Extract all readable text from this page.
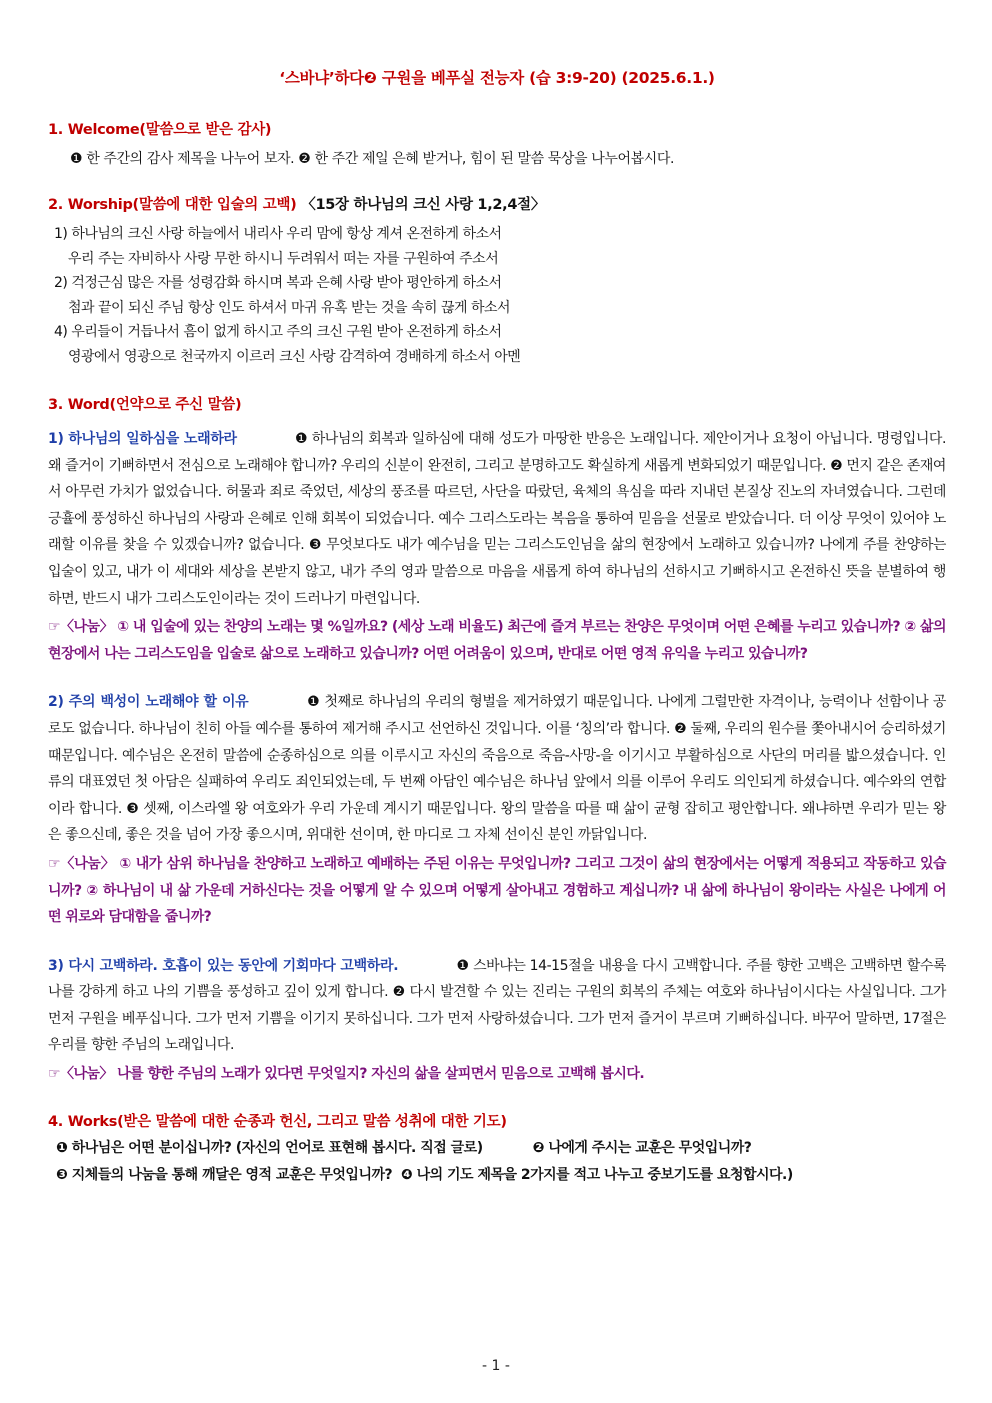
‘스바냐’하다❷ 구원을 베푸실 전능자 (습 3:9-20) (2025.6.1.)
1. Welcome(말씀으로 받은 감사)
❶ 한 주간의 감사 제목을 나누어 보자. ❷ 한 주간 제일 은혜 받거나, 힘이 된 말씀 묵상을 나누어봅시다.
2. Worship(말씀에 대한 입술의 고백) 〈15장 하나님의 크신 사랑 1,2,4절〉
1) 하나님의 크신 사랑 하늘에서 내리사 우리 맘에 항상 계셔 온전하게 하소서
우리 주는 자비하사 사랑 무한 하시니 두려워서 떠는 자를 구원하여 주소서
2) 걱정근심 많은 자를 성령감화 하시며 복과 은혜 사랑 받아 평안하게 하소서
첨과 끝이 되신 주님 항상 인도 하셔서 마귀 유혹 받는 것을 속히 끊게 하소서
4) 우리들이 거듭나서 흠이 없게 하시고 주의 크신 구원 받아 온전하게 하소서
영광에서 영광으로 천국까지 이르러 크신 사랑 감격하여 경배하게 하소서 아멘
3. Word(언약으로 주신 말씀)
1) 하나님의 일하심을 노래하라	❶ 하나님의 회복과 일하심에 대해 성도가 마땅한 반응은 노래입니다. 제안이거나 요청이 아닙니다. 명령입니다. 왜 즐거이 기뻐하면서 전심으로 노래해야 합니까? 우리의 신분이 완전히, 그리고 분명하고도 확실하게 새롭게 변화되었기 때문입니다. ❷ 먼지 같은 존재여서 아무런 가치가 없었습니다. 허물과 죄로 죽었던, 세상의 풍조를 따르던, 사단을 따랐던, 육체의 욕심을 따라 지내던 본질상 진노의 자녀였습니다. 그런데 긍휼에 풍성하신 하나님의 사랑과 은혜로 인해 회복이 되었습니다. 예수 그리스도라는 복음을 통하여 믿음을 선물로 받았습니다. 더 이상 무엇이 있어야 노래할 이유를 찾을 수 있겠습니까? 없습니다. ❸ 무엇보다도 내가 예수님을 믿는 그리스도인님을 삶의 현장에서 노래하고 있습니까? 나에게 주를 찬양하는 입술이 있고, 내가 이 세대와 세상을 본받지 않고, 내가 주의 영과 말씀으로 마음을 새롭게 하여 하나님의 선하시고 기뻐하시고 온전하신 뜻을 분별하여 행하면, 반드시 내가 그리스도인이라는 것이 드러나기 마련입니다.
☞〈나눔〉 ① 내 입술에 있는 찬양의 노래는 몇 %일까요? (세상 노래 비율도) 최근에 즐겨 부르는 찬양은 무엇이며 어떤 은혜를 누리고 있습니까? ② 삶의 현장에서 나는 그리스도임을 입술로 삶으로 노래하고 있습니까? 어떤 어려움이 있으며, 반대로 어떤 영적 유익을 누리고 있습니까?
2) 주의 백성이 노래해야 할 이유	❶ 첫째로 하나님의 우리의 형벌을 제거하였기 때문입니다. 나에게 그럴만한 자격이나, 능력이나 선함이나 공로도 없습니다. 하나님이 친히 아들 예수를 통하여 제거해 주시고 선언하신 것입니다. 이를 ‘칭의’라 합니다. ❷ 둘째, 우리의 원수를 쫓아내시어 승리하셨기 때문입니다. 예수님은 온전히 말씀에 순종하심으로 의를 이루시고 자신의 죽음으로 죽음-사망-을 이기시고 부활하심으로 사단의 머리를 밟으셨습니다. 인류의 대표였던 첫 아담은 실패하여 우리도 죄인되었는데, 두 번째 아담인 예수님은 하나님 앞에서 의를 이루어 우리도 의인되게 하셨습니다. 예수와의 연합이라 합니다. ❸ 셋째, 이스라엘 왕 여호와가 우리 가운데 계시기 때문입니다. 왕의 말씀을 따를 때 삶이 균형 잡히고 평안합니다. 왜냐하면 우리가 믿는 왕은 좋으신데, 좋은 것을 넘어 가장 좋으시며, 위대한 선이며, 한 마디로 그 자체 선이신 분인 까닭입니다.
☞〈나눔〉 ① 내가 삼위 하나님을 찬양하고 노래하고 예배하는 주된 이유는 무엇입니까? 그리고 그것이 삶의 현장에서는 어떻게 적용되고 작동하고 있습니까? ② 하나님이 내 삶 가운데 거하신다는 것을 어떻게 알 수 있으며 어떻게 살아내고 경험하고 계십니까? 내 삶에 하나님이 왕이라는 사실은 나에게 어떤 위로와 담대함을 줍니까?
3) 다시 고백하라. 호흡이 있는 동안에 기회마다 고백하라.	❶ 스바냐는 14-15절을 내용을 다시 고백합니다. 주를 향한 고백은 고백하면 할수록 나를 강하게 하고 나의 기쁨을 풍성하고 깊이 있게 합니다. ❷ 다시 발견할 수 있는 진리는 구원의 회복의 주체는 여호와 하나님이시다는 사실입니다. 그가 먼저 구원을 베푸십니다. 그가 먼저 기쁨을 이기지 못하십니다. 그가 먼저 사랑하셨습니다. 그가 먼저 즐거이 부르며 기뻐하십니다. 바꾸어 말하면, 17절은 우리를 향한 주님의 노래입니다.
☞〈나눔〉 나를 향한 주님의 노래가 있다면 무엇일지? 자신의 삶을 살피면서 믿음으로 고백해 봅시다.
4. Works(받은 말씀에 대한 순종과 헌신, 그리고 말씀 성취에 대한 기도)
❶ 하나님은 어떤 분이십니까? (자신의 언어로 표현해 봅시다. 직접 글로)	❷ 나에게 주시는 교훈은 무엇입니까?
❸ 지체들의 나눔을 통해 깨달은 영적 교훈은 무엇입니까? ❹ 나의 기도 제목을 2가지를 적고 나누고 중보기도를 요청합시다.)
- 1 -
